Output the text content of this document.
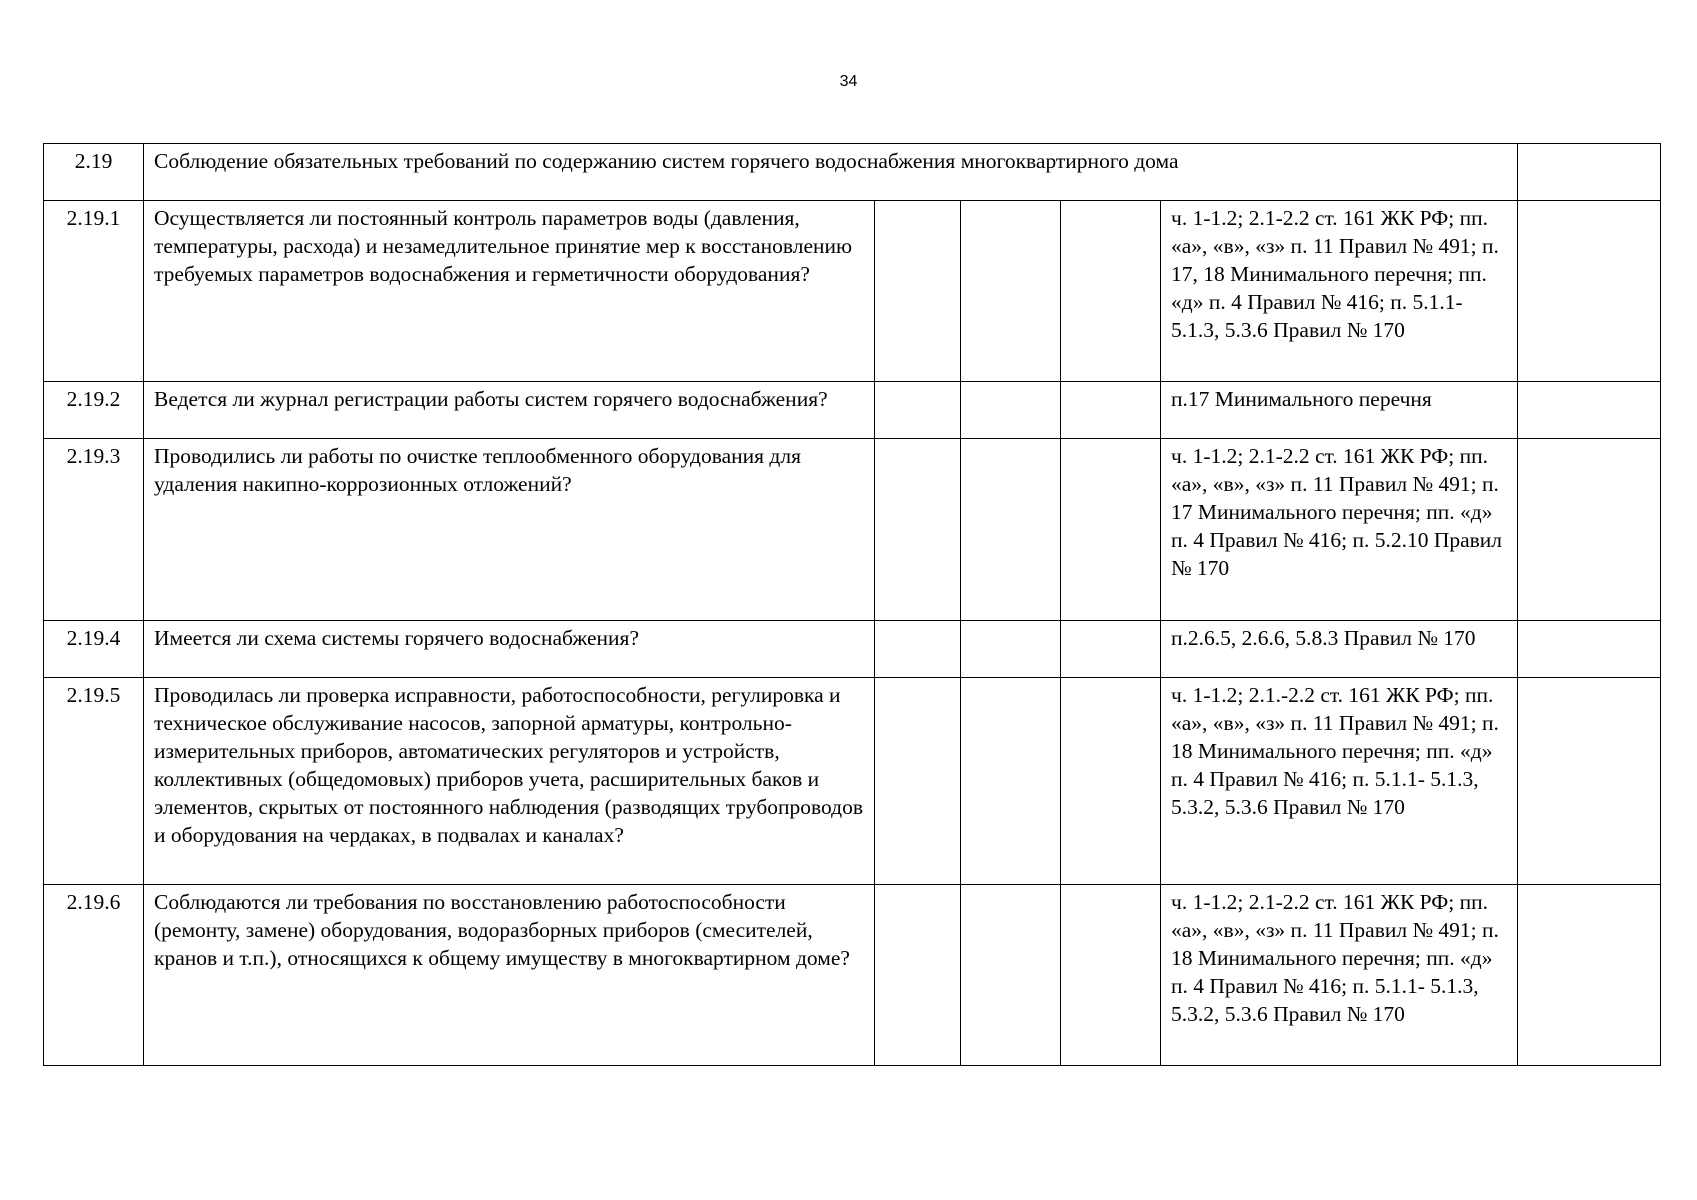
34
2.19	Соблюдение обязательных требований по содержанию систем горячего водоснабжения многоквартирного дома					
2.19.1	Осуществляется ли постоянный контроль параметров воды (давления, температуры, расхода) и незамедлительное принятие мер к восстановлению требуемых параметров водоснабжения и герметичности оборудования?				ч. 1-1.2; 2.1-2.2 ст. 161 ЖК РФ; пп. «а», «в», «з» п. 11 Правил № 491; п. 17, 18 Минимального перечня; пп. «д» п. 4 Правил № 416; п. 5.1.1- 5.1.3, 5.3.6 Правил № 170	
2.19.2	Ведется ли журнал регистрации работы систем горячего водоснабжения?				п.17 Минимального перечня	
2.19.3	Проводились ли работы по очистке теплообменного оборудования для удаления накипно-коррозионных отложений?				ч. 1-1.2; 2.1-2.2 ст. 161 ЖК РФ; пп. «а», «в», «з» п. 11 Правил № 491; п. 17 Минимального перечня; пп. «д» п. 4 Правил № 416; п. 5.2.10 Правил № 170	
2.19.4	Имеется ли схема системы горячего водоснабжения?				п.2.6.5, 2.6.6, 5.8.3 Правил № 170	
2.19.5	Проводилась ли проверка исправности, работоспособности, регулировка и техническое обслуживание насосов, запорной арматуры, контрольно-измерительных приборов, автоматических регуляторов и устройств, коллективных (общедомовых) приборов учета, расширительных баков и элементов, скрытых от постоянного наблюдения (разводящих трубопроводов и оборудования на чердаках, в подвалах и каналах?				ч. 1-1.2; 2.1.-2.2 ст. 161 ЖК РФ; пп. «а», «в», «з» п. 11 Правил № 491; п. 18 Минимального перечня; пп. «д» п. 4 Правил № 416; п. 5.1.1- 5.1.3, 5.3.2, 5.3.6 Правил № 170	
2.19.6	Соблюдаются ли требования по восстановлению работоспособности (ремонту, замене) оборудования, водоразборных приборов (смесителей, кранов и т.п.), относящихся к общему имуществу в многоквартирном доме?				ч. 1-1.2; 2.1-2.2 ст. 161 ЖК РФ; пп. «а», «в», «з» п. 11 Правил № 491; п. 18 Минимального перечня; пп. «д» п. 4 Правил № 416; п. 5.1.1- 5.1.3, 5.3.2, 5.3.6 Правил № 170	
